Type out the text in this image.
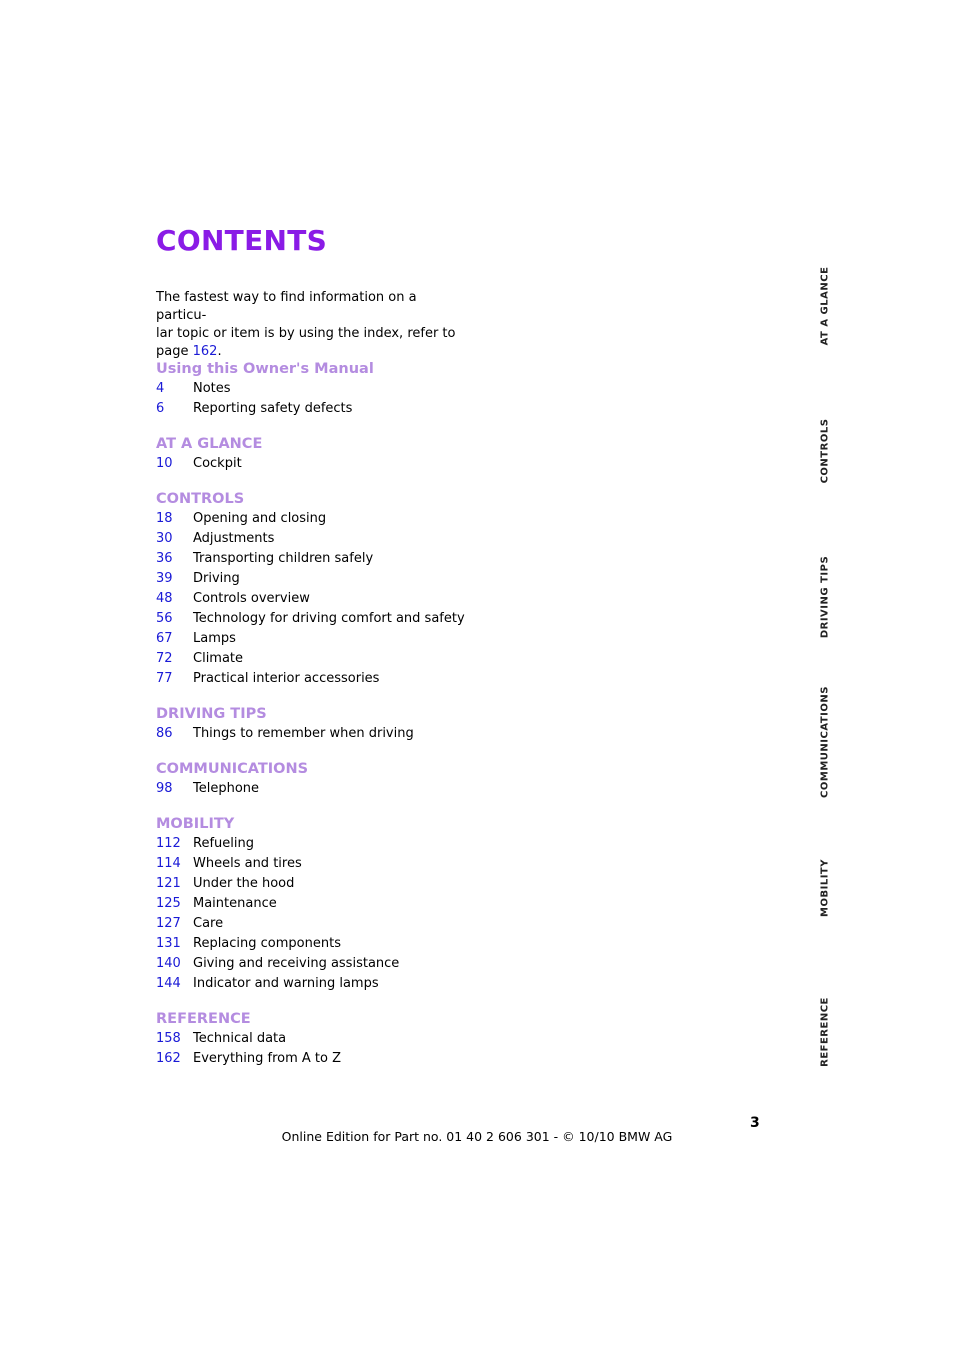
CONTENTS
The fastest way to find information on a particu-
lar topic or item is by using the index, refer to
page 162.
Using this Owner's Manual
4	Notes
6	Reporting safety defects
AT A GLANCE
10	Cockpit
CONTROLS
18	Opening and closing
30	Adjustments
36	Transporting children safely
39	Driving
48	Controls overview
56	Technology for driving comfort and safety
67	Lamps
72	Climate
77	Practical interior accessories
DRIVING TIPS
86	Things to remember when driving
COMMUNICATIONS
98	Telephone
MOBILITY
112 Refueling
114 Wheels and tires
121 Under the hood
125 Maintenance
127 Care
131 Replacing components
140 Giving and receiving assistance
144 Indicator and warning lamps
REFERENCE
158 Technical data
162 Everything from A to Z
AT A GLANCE
CONTROLS
DRIVING TIPS
COMMUNICATIONS
MOBILITY
REFERENCE
3
Online Edition for Part no. 01 40 2 606 301 - © 10/10 BMW AG
